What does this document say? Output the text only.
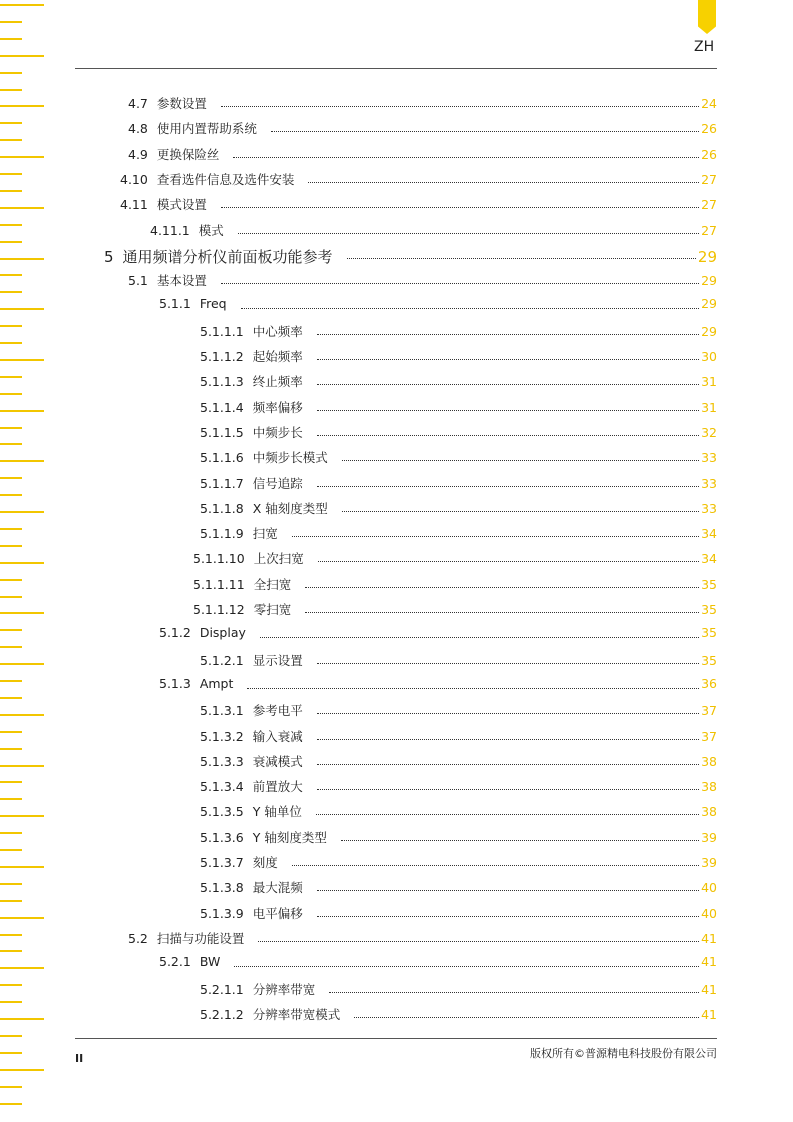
ZH
4.7 参数设置	24
4.8 使用内置帮助系统	26
4.9 更换保险丝	26
4.10 查看选件信息及选件安装	27
4.11 模式设置	27
4.11.1 模式	27
5 通用频谱分析仪前面板功能参考	29
5.1 基本设置	29
5.1.1 Freq	29
5.1.1.1 中心频率	29
5.1.1.2 起始频率	30
5.1.1.3 终止频率	31
5.1.1.4 频率偏移	31
5.1.1.5 中频步长	32
5.1.1.6 中频步长模式	33
5.1.1.7 信号追踪	33
5.1.1.8 X 轴刻度类型	33
5.1.1.9 扫宽	34
5.1.1.10 上次扫宽	34
5.1.1.11 全扫宽	35
5.1.1.12 零扫宽	35
5.1.2 Display	35
5.1.2.1 显示设置	35
5.1.3 Ampt	36
5.1.3.1 参考电平	37
5.1.3.2 输入衰减	37
5.1.3.3 衰减模式	38
5.1.3.4 前置放大	38
5.1.3.5 Y 轴单位	38
5.1.3.6 Y 轴刻度类型	39
5.1.3.7 刻度	39
5.1.3.8 最大混频	40
5.1.3.9 电平偏移	40
5.2 扫描与功能设置	41
5.2.1 BW	41
5.2.1.1 分辨率带宽	41
5.2.1.2 分辨率带宽模式	41
II	版权所有©普源精电科技股份有限公司
